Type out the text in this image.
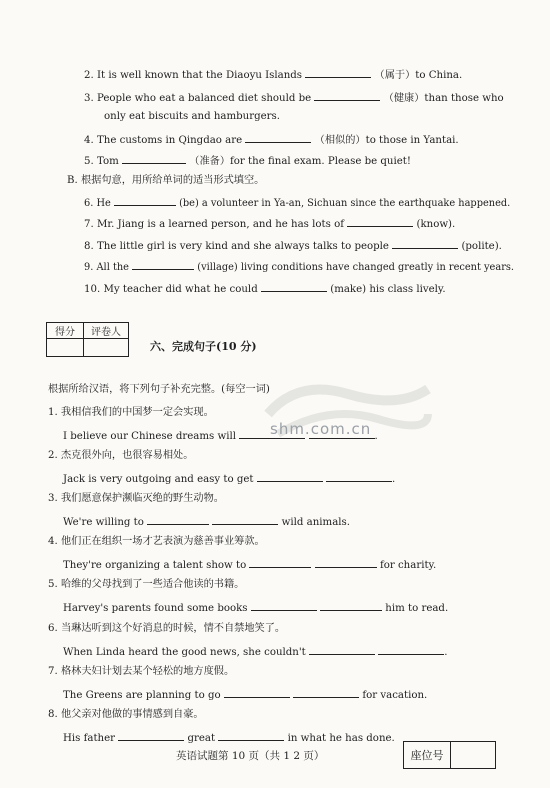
2. It is well known that the Diaoyu Islands	（属于）to China.
3. People who eat a balanced diet should be	（健康）than those who
only eat biscuits and hamburgers.
4. The customs in Qingdao are	（相似的）to those in Yantai.
5. Tom	（准备）for the final exam. Please be quiet!
B. 根据句意，用所给单词的适当形式填空。
6. He	(be) a volunteer in Ya-an, Sichuan since the earthquake happened.
7. Mr. Jiang is a learned person, and he has lots of	(know).
8. The little girl is very kind and she always talks to people	(polite).
9. All the	(village) living conditions have changed greatly in recent years.
10. My teacher did what he could	(make) his class lively.
得分	评卷人

六、完成句子(10 分)
shm.com.cn
根据所给汉语，将下列句子补充完整。(每空一词)
1. 我相信我们的中国梦一定会实现。
I believe our Chinese dreams will	.
2. 杰克很外向，也很容易相处。
Jack is very outgoing and easy to get	.
3. 我们愿意保护濒临灭绝的野生动物。
We're willing to	wild animals.
4. 他们正在组织一场才艺表演为慈善事业筹款。
They're organizing a talent show to	for charity.
5. 哈维的父母找到了一些适合他读的书籍。
Harvey's parents found some books	him to read.
6. 当琳达听到这个好消息的时候，情不自禁地笑了。
When Linda heard the good news, she couldn't	.
7. 格林夫妇计划去某个轻松的地方度假。
The Greens are planning to go	for vacation.
8. 他父亲对他做的事情感到自豪。
His father	great	in what he has done.
英语试题第 10 页（共 1 2 页）	座位号	
